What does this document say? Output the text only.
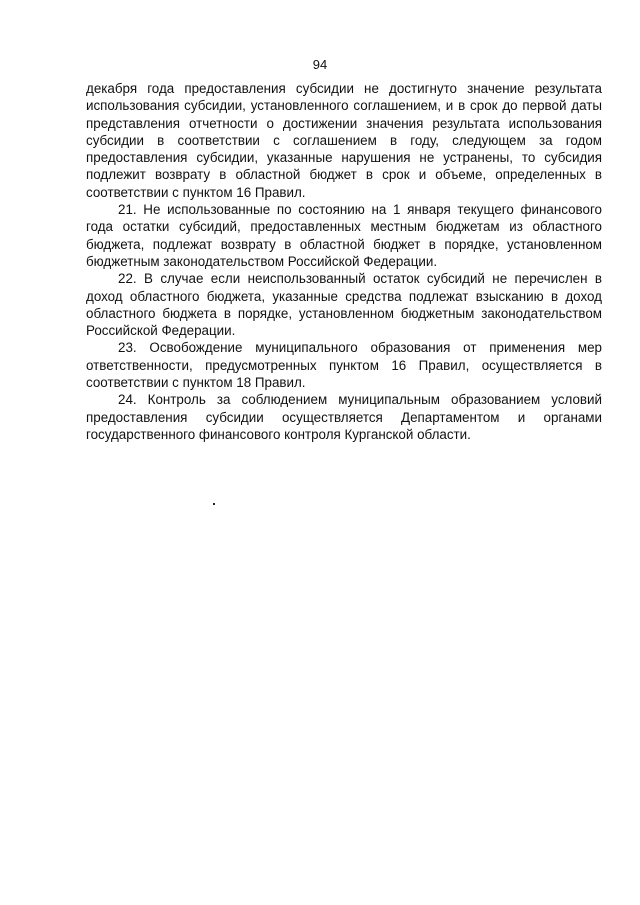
94

декабря года предоставления субсидии не достигнуто значение результата использования субсидии, установленного соглашением, и в срок до первой даты представления отчетности о достижении значения результата использования субсидии в соответствии с соглашением в году, следующем за годом предоставления субсидии, указанные нарушения не устранены, то субсидия подлежит возврату в областной бюджет в срок и объеме, определенных в соответствии с пунктом 16 Правил.

21. Не использованные по состоянию на 1 января текущего финансового года остатки субсидий, предоставленных местным бюджетам из областного бюджета, подлежат возврату в областной бюджет в порядке, установленном бюджетным законодательством Российской Федерации.

22. В случае если неиспользованный остаток субсидий не перечислен в доход областного бюджета, указанные средства подлежат взысканию в доход областного бюджета в порядке, установленном бюджетным законодательством Российской Федерации.

23. Освобождение муниципального образования от применения мер ответственности, предусмотренных пунктом 16 Правил, осуществляется в соответствии с пунктом 18 Правил.

24. Контроль за соблюдением муниципальным образованием условий предоставления субсидии осуществляется Департаментом и органами государственного финансового контроля Курганской области.
